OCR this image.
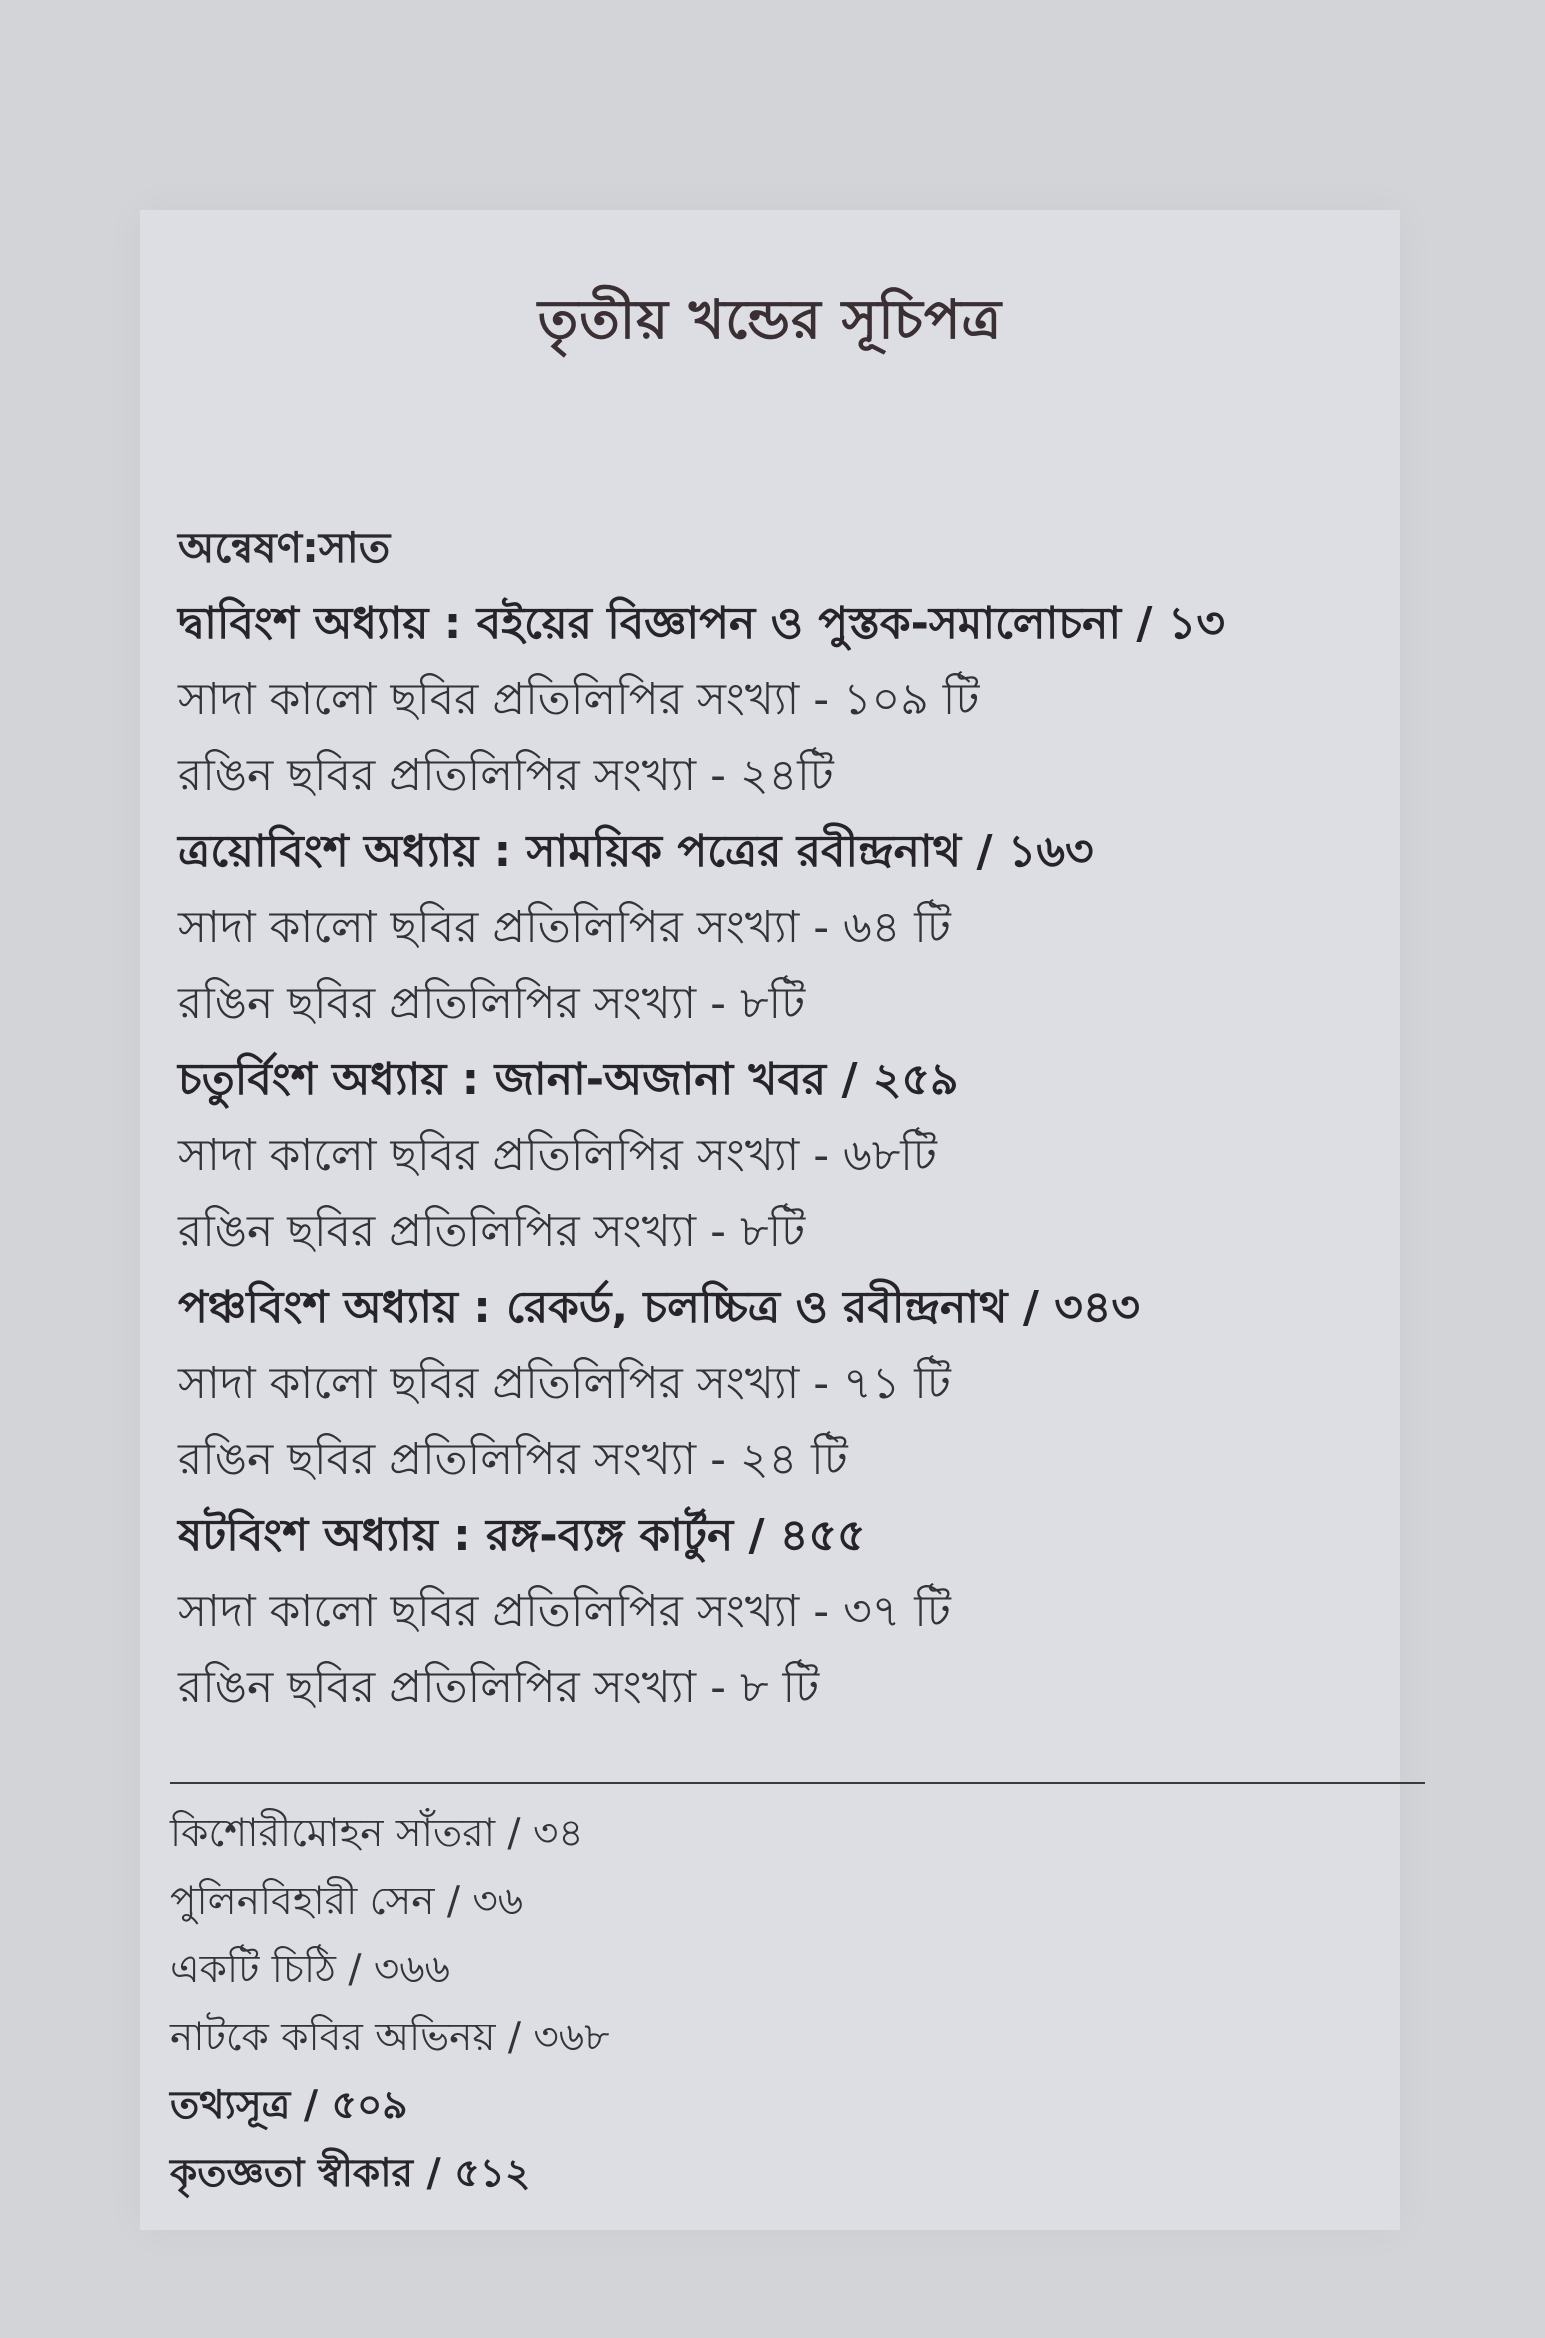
তৃতীয় খন্ডের সূচিপত্র
অন্বেষণ:সাত
দ্বাবিংশ অধ্যায় : বইয়ের বিজ্ঞাপন ও পুস্তক-সমালোচনা / ১৩
সাদা কালো ছবির প্রতিলিপির সংখ্যা - ১০৯ টি
রঙিন ছবির প্রতিলিপির সংখ্যা - ২৪টি
ত্রয়োবিংশ অধ্যায় : সাময়িক পত্রের রবীন্দ্রনাথ / ১৬৩
সাদা কালো ছবির প্রতিলিপির সংখ্যা - ৬৪ টি
রঙিন ছবির প্রতিলিপির সংখ্যা - ৮টি
চতুর্বিংশ অধ্যায় : জানা-অজানা খবর / ২৫৯
সাদা কালো ছবির প্রতিলিপির সংখ্যা - ৬৮টি
রঙিন ছবির প্রতিলিপির সংখ্যা - ৮টি
পঞ্চবিংশ অধ্যায় : রেকর্ড, চলচ্চিত্র ও রবীন্দ্রনাথ / ৩৪৩
সাদা কালো ছবির প্রতিলিপির সংখ্যা - ৭১ টি
রঙিন ছবির প্রতিলিপির সংখ্যা - ২৪ টি
ষটবিংশ অধ্যায় : রঙ্গ-ব্যঙ্গ কার্টুন / ৪৫৫
সাদা কালো ছবির প্রতিলিপির সংখ্যা - ৩৭ টি
রঙিন ছবির প্রতিলিপির সংখ্যা - ৮ টি
কিশোরীমোহন সাঁতরা / ৩৪
পুলিনবিহারী সেন / ৩৬
একটি চিঠি / ৩৬৬
নাটকে কবির অভিনয় / ৩৬৮
তথ্যসূত্র / ৫০৯
কৃতজ্ঞতা স্বীকার / ৫১২
